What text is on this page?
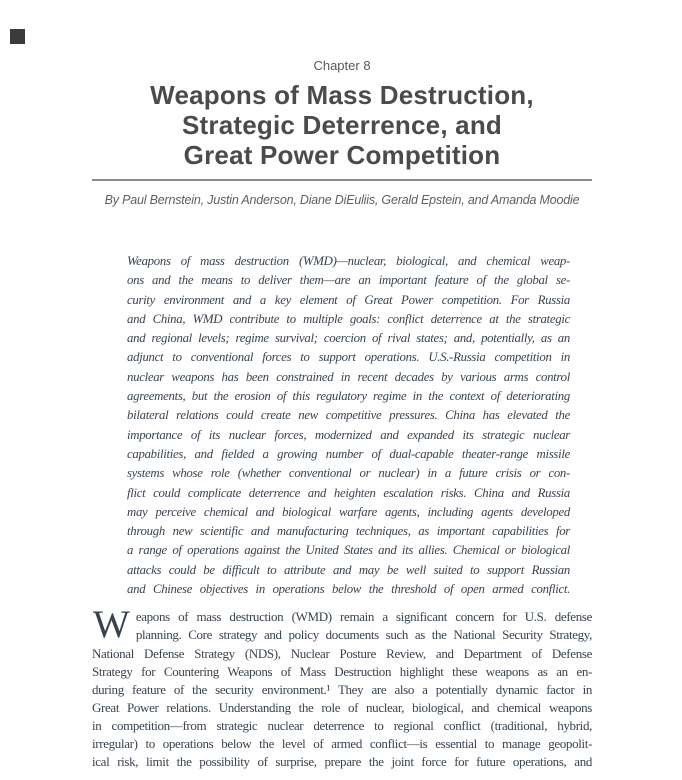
Chapter 8
Weapons of Mass Destruction,
Strategic Deterrence, and
Great Power Competition
By Paul Bernstein, Justin Anderson, Diane DiEuliis, Gerald Epstein, and Amanda Moodie
Weapons of mass destruction (WMD)—nuclear, biological, and chemical weap-
ons and the means to deliver them—are an important feature of the global se-
curity environment and a key element of Great Power competition. For Russia
and China, WMD contribute to multiple goals: conflict deterrence at the strategic
and regional levels; regime survival; coercion of rival states; and, potentially, as an
adjunct to conventional forces to support operations. U.S.-Russia competition in
nuclear weapons has been constrained in recent decades by various arms control
agreements, but the erosion of this regulatory regime in the context of deteriorating
bilateral relations could create new competitive pressures. China has elevated the
importance of its nuclear forces, modernized and expanded its strategic nuclear
capabilities, and fielded a growing number of dual-capable theater-range missile
systems whose role (whether conventional or nuclear) in a future crisis or con-
flict could complicate deterrence and heighten escalation risks. China and Russia
may perceive chemical and biological warfare agents, including agents developed
through new scientific and manufacturing techniques, as important capabilities for
a range of operations against the United States and its allies. Chemical or biological
attacks could be difficult to attribute and may be well suited to support Russian
and Chinese objectives in operations below the threshold of open armed conflict.
W eapons of mass destruction (WMD) remain a significant concern for U.S. defense
planning. Core strategy and policy documents such as the National Security Strategy,
National Defense Strategy (NDS), Nuclear Posture Review, and Department of Defense
Strategy for Countering Weapons of Mass Destruction highlight these weapons as an en-
during feature of the security environment.¹ They are also a potentially dynamic factor in
Great Power relations. Understanding the role of nuclear, biological, and chemical weapons
in competition—from strategic nuclear deterrence to regional conflict (traditional, hybrid,
irregular) to operations below the level of armed conflict—is essential to manage geopolit-
ical risk, limit the possibility of surprise, prepare the joint force for future operations, and
